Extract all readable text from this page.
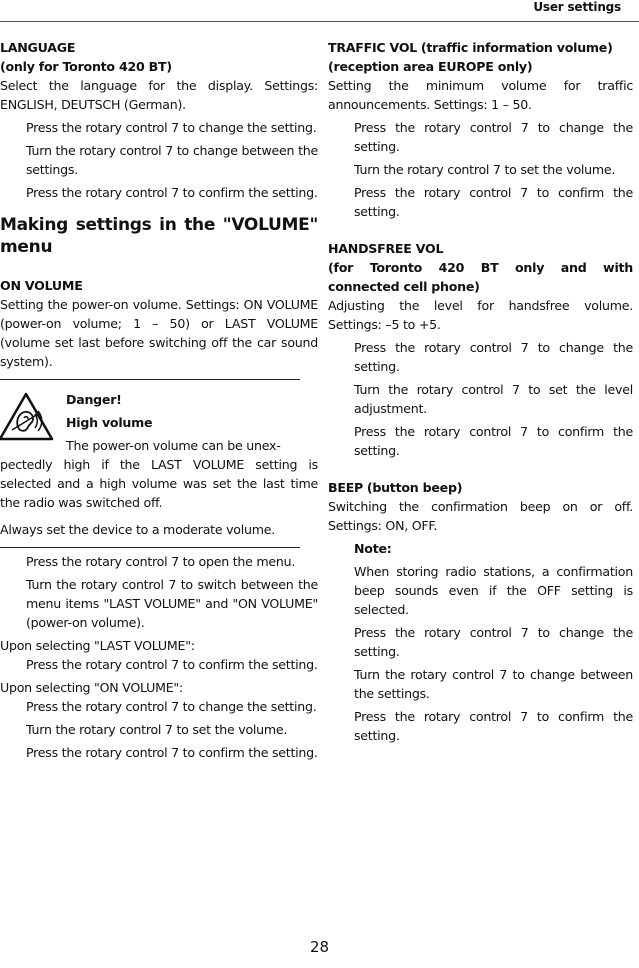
User settings

LANGUAGE

(only for Toronto 420 BT)

Select the language for the display. Settings: ENGLISH, DEUTSCH (German).

Press the rotary control 7 to change the setting.

Turn the rotary control 7 to change between the settings.

Press the rotary control 7 to confirm the setting.

Making settings in the "VOLUME" menu

ON VOLUME

Setting the power-on volume. Settings: ON VOLUME (power-on volume; 1 – 50) or LAST VOLUME (volume set last before switching off the car sound system).

Danger!

High volume

The power-on volume can be unex-

pectedly high if the LAST VOLUME setting is selected and a high volume was set the last time the radio was switched off.

Always set the device to a moderate volume.

Press the rotary control 7 to open the menu.

Turn the rotary control 7 to switch between the menu items "LAST VOLUME" and "ON VOLUME" (power-on volume).

Upon selecting "LAST VOLUME":

Press the rotary control 7 to confirm the setting.

Upon selecting "ON VOLUME":

Press the rotary control 7 to change the setting.

Turn the rotary control 7 to set the volume.

Press the rotary control 7 to confirm the setting.

TRAFFIC VOL (traffic information volume)

(reception area EUROPE only)

Setting the minimum volume for traffic announcements. Settings: 1 – 50.

Press the rotary control 7 to change the setting.

Turn the rotary control 7 to set the volume.

Press the rotary control 7 to confirm the setting.

HANDSFREE VOL

(for Toronto 420 BT only and with connected cell phone)

Adjusting the level for handsfree volume. Settings: –5 to +5.

Press the rotary control 7 to change the setting.

Turn the rotary control 7 to set the level adjustment.

Press the rotary control 7 to confirm the setting.

BEEP (button beep)

Switching the confirmation beep on or off. Settings: ON, OFF.

Note:

When storing radio stations, a confirmation beep sounds even if the OFF setting is selected.

Press the rotary control 7 to change the setting.

Turn the rotary control 7 to change between the settings.

Press the rotary control 7 to confirm the setting.

28
